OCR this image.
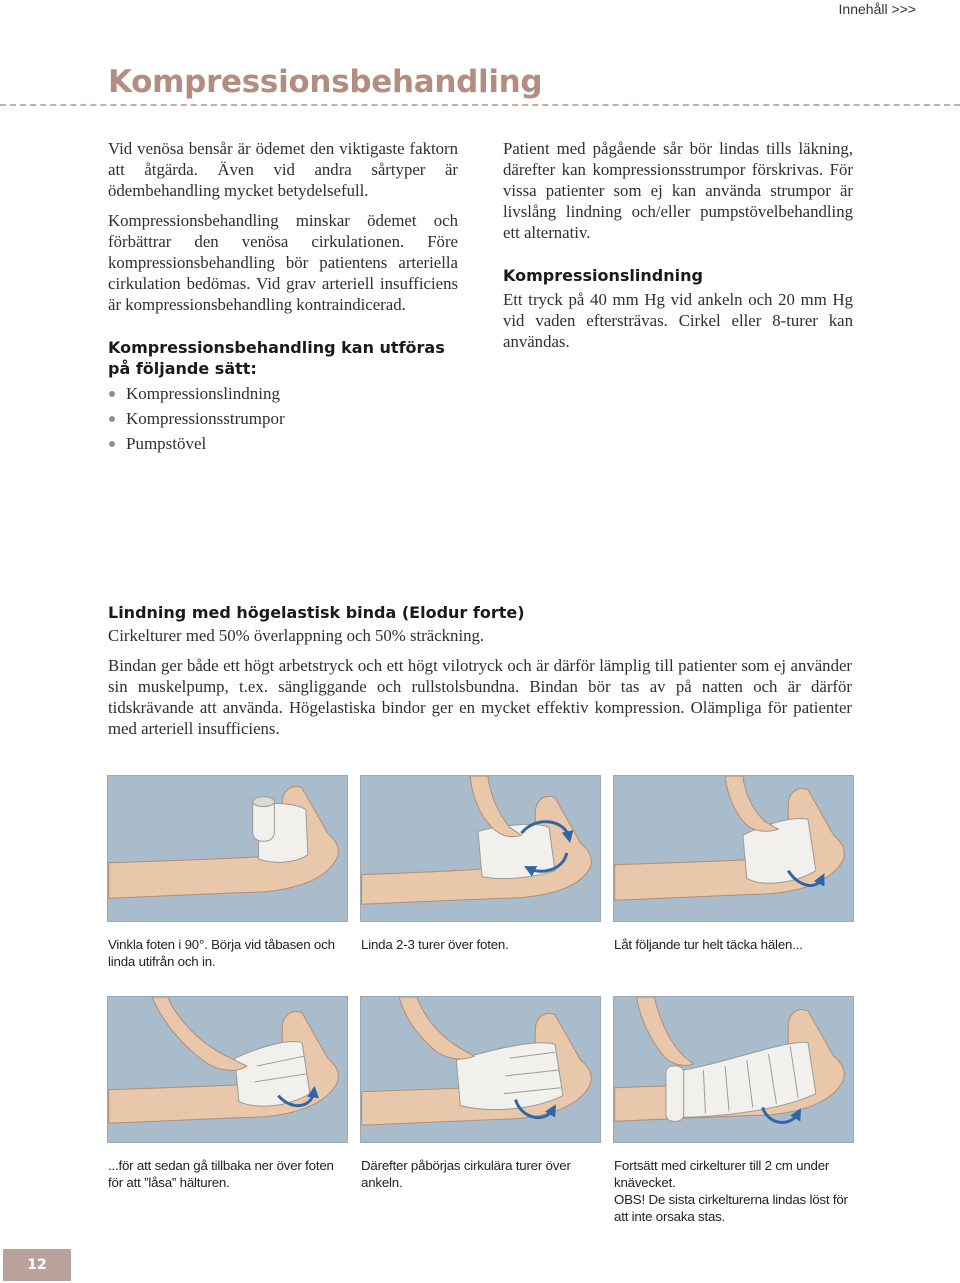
Innehåll >>>
Kompressionsbehandling

Vid venösa bensår är ödemet den viktigaste faktorn att åtgärda. Även vid andra sårtyper är ödembehandling mycket betydelsefull.

Kompressionsbehandling minskar ödemet och förbättrar den venösa cirkulationen. Före kompressionsbehandling bör patientens arteriella cirkulation bedömas. Vid grav arteriell insufficiens är kompressionsbehandling kontraindicerad.

Kompressionsbehandling kan utföras på följande sätt:

Kompressionslindning
Kompressionsstrumpor
Pumpstövel

Patient med pågående sår bör lindas tills läkning, därefter kan kompressionsstrumpor förskrivas. För vissa patienter som ej kan använda strumpor är livslång lindning och/eller pumpstövelbehandling ett alternativ.

Kompressionslindning

Ett tryck på 40 mm Hg vid ankeln och 20 mm Hg vid vaden eftersträvas. Cirkel eller 8-turer kan användas.

Lindning med högelastisk binda (Elodur forte)

Cirkelturer med 50% överlappning och 50% sträckning.

Bindan ger både ett högt arbetstryck och ett högt vilotryck och är därför lämplig till patienter som ej använder sin muskelpump, t.ex. sängliggande och rullstolsbundna. Bindan bör tas av på natten och är därför tidskrävande att använda. Högelastiska bindor ger en mycket effektiv kompression. Olämpliga för patienter med arteriell insufficiens.

Vinkla foten i 90°. Börja vid tåbasen och linda utifrån och in.

Linda 2-3 turer över foten.	Låt följande tur helt täcka hälen...

...för att sedan gå tillbaka ner över foten för att ”låsa” hälturen.

Därefter påbörjas cirkulära turer över ankeln.

Fortsätt med cirkelturer till 2 cm under knävecket.

OBS! De sista cirkelturerna lindas löst för att inte orsaka stas.

12
